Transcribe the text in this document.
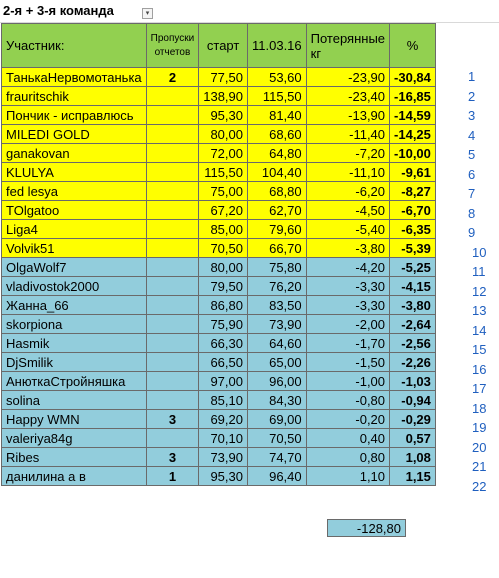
2-я + 3-я команда	▾
Участник:	Пропуски отчетов	старт	11.03.16	Потерянные кг	%
ТанькаНервомотанька	2	77,50	53,60	-23,90	-30,84
frauritschik		138,90	115,50	-23,40	-16,85
Пончик - исправлюсь		95,30	81,40	-13,90	-14,59
MILEDI GOLD		80,00	68,60	-11,40	-14,25
ganakovan		72,00	64,80	-7,20	-10,00
KLULYA		115,50	104,40	-11,10	-9,61
fed lesya		75,00	68,80	-6,20	-8,27
TOlgatoo		67,20	62,70	-4,50	-6,70
Liga4		85,00	79,60	-5,40	-6,35
Volvik51		70,50	66,70	-3,80	-5,39
OlgaWolf7		80,00	75,80	-4,20	-5,25
vladivostok2000		79,50	76,20	-3,30	-4,15
Жанна_66		86,80	83,50	-3,30	-3,80
skorpiona		75,90	73,90	-2,00	-2,64
Hasmik		66,30	64,60	-1,70	-2,56
DjSmilik		66,50	65,00	-1,50	-2,26
АнюткаСтройняшка		97,00	96,00	-1,00	-1,03
solina		85,10	84,30	-0,80	-0,94
Happy WMN	3	69,20	69,00	-0,20	-0,29
valeriya84g		70,10	70,50	0,40	0,57
Ribes	3	73,90	74,70	0,80	1,08
данилина а в	1	95,30	96,40	1,10	1,15
1
2
3
4
5
6
7
8
9
10
11
12
13
14
15
16
17
18
19
20
21
22
-128,80
